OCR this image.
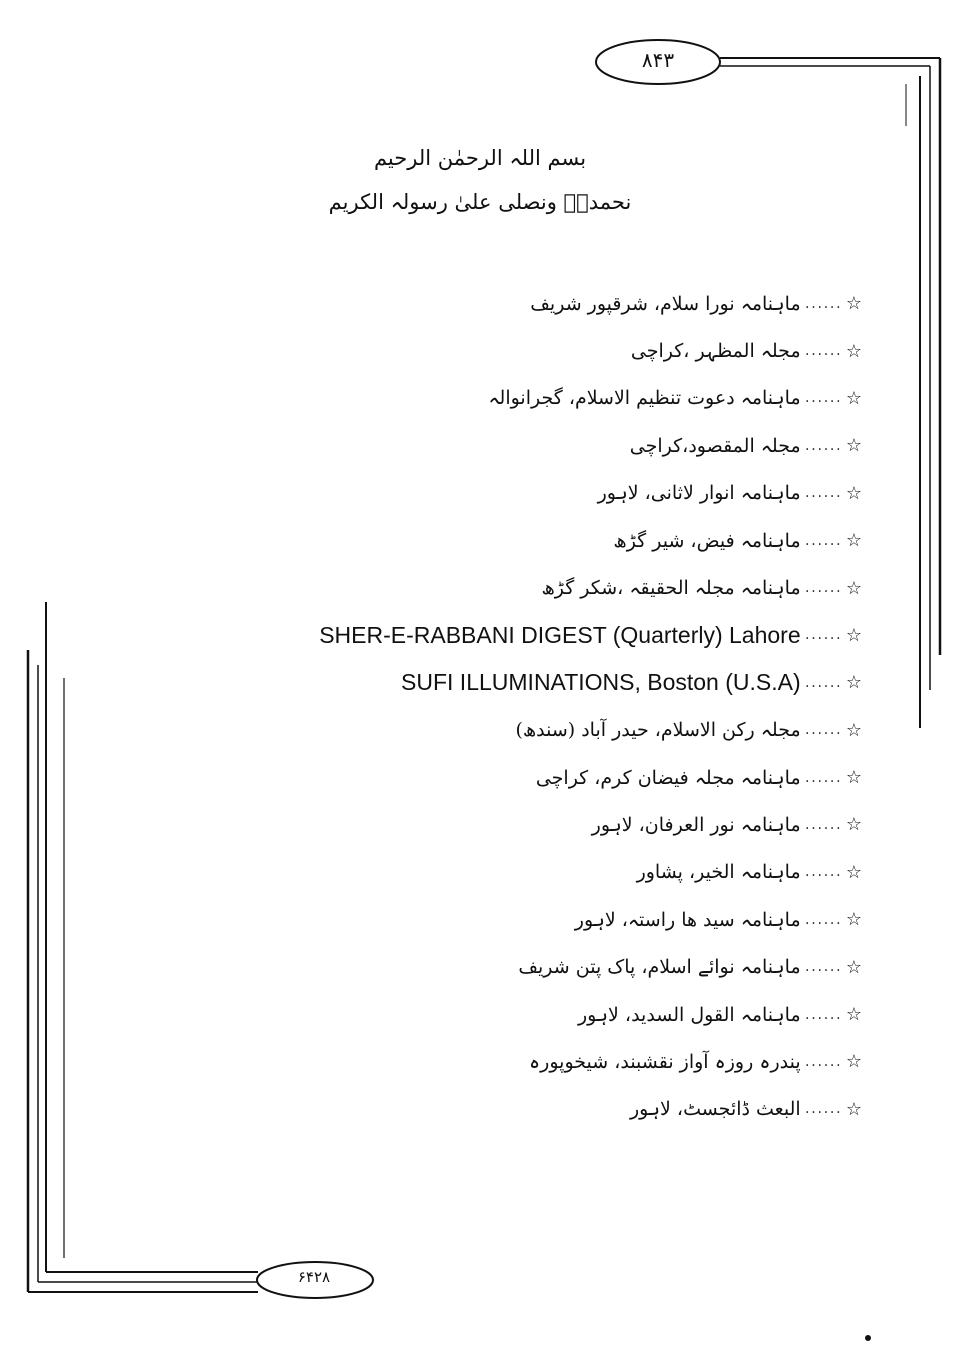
۸۴۳
۶۴۲۸
بسم اللہ الرحمٰن الرحیم
نحمدہٗ ونصلی علیٰ رسولہ الکریم
ماہنامہ نورا سلام، شرقپور شریف ...... ☆
مجلہ المظہر ،کراچی ...... ☆
ماہنامہ دعوت تنظیم الاسلام، گجرانوالہ ...... ☆
مجلہ المقصود،کراچی ...... ☆
ماہنامہ انوار لاثانی، لاہور ...... ☆
ماہنامہ فیض، شیر گڑھ ...... ☆
ماہنامہ مجلہ الحقیقہ ،شکر گڑھ ...... ☆
SHER-E-RABBANI DIGEST (Quarterly) Lahore ...... ☆
SUFI ILLUMINATIONS, Boston (U.S.A) ...... ☆
مجلہ رکن الاسلام، حیدر آباد (سندھ) ...... ☆
ماہنامہ مجلہ فیضان کرم، کراچی ...... ☆
ماہنامہ نور العرفان، لاہور ...... ☆
ماہنامہ الخیر، پشاور ...... ☆
ماہنامہ سید ھا راستہ، لاہور ...... ☆
ماہنامہ نوائے اسلام، پاک پتن شریف ...... ☆
ماہنامہ القول السدید، لاہور ...... ☆
پندرہ روزہ آواز نقشبند، شیخوپورہ ...... ☆
البعث ڈائجسٹ، لاہور ...... ☆
